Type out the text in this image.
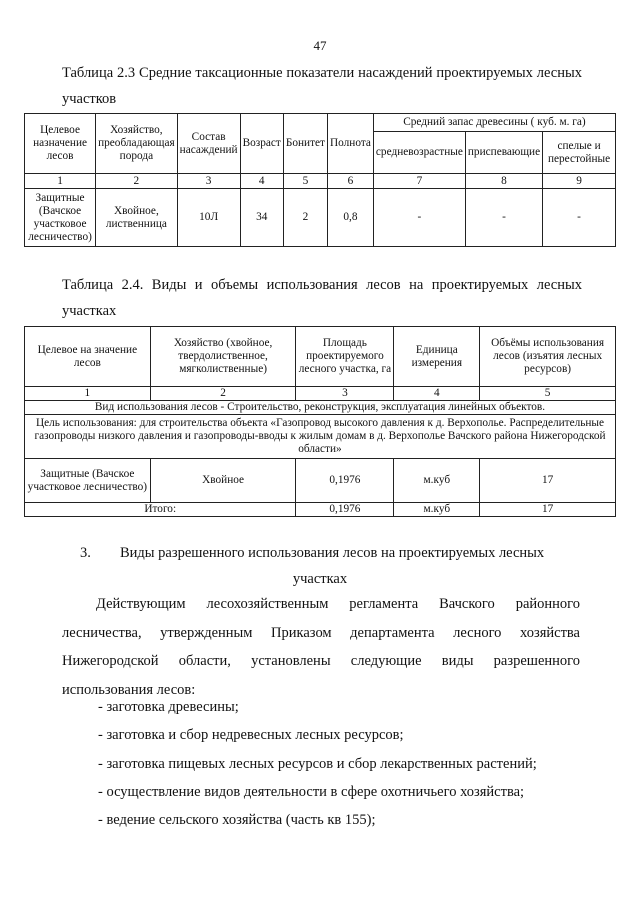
47
Таблица 2.3 Средние таксационные показатели насаждений проектируемых лесных участков
Целевое назначение лесов	Хозяйство, преобладающая порода	Состав насаждений	Возраст	Бонитет	Полнота	Средний запас древесины ( куб. м. га)		
						средневозрастные	приспевающие	спелые и перестойные
1	2	3	4	5	6	7	8	9
Защитные (Вачское участковое лесничество)	Хвойное, лиственница	10Л	34	2	0,8	-	-	-
Таблица 2.4. Виды и объемы использования лесов на проектируемых лесных участках
Целевое на значение лесов	Хозяйство (хвойное, твердолиственное, мягколиственные)	Площадь проектируемого лесного участка, га	Единица измерения	Объёмы использования лесов (изъятия лесных ресурсов)
1	2	3	4	5
Вид использования лесов - Строительство, реконструкция, эксплуатация линейных объектов.				
Цель использования: для строительства объекта «Газопровод высокого давления к д. Верхополье. Распределительные газопроводы низкого давления и газопроводы-вводы к жилым домам в д. Верхополье Вачского района Нижегородской области»				
Защитные (Вачское участковое лесничество)	Хвойное	0,1976	м.куб	17
Итого:		0,1976	м.куб	17
3. Виды разрешенного использования лесов на проектируемых лесных
участках
Действующим лесохозяйственным регламента Вачского районного лесничества, утвержденным Приказом департамента лесного хозяйства Нижегородской области, установлены следующие виды разрешенного использования лесов:
- заготовка древесины;
- заготовка и сбор недревесных лесных ресурсов;
- заготовка пищевых лесных ресурсов и сбор лекарственных растений;
- осуществление видов деятельности в сфере охотничьего хозяйства;
- ведение сельского хозяйства (часть кв 155);
